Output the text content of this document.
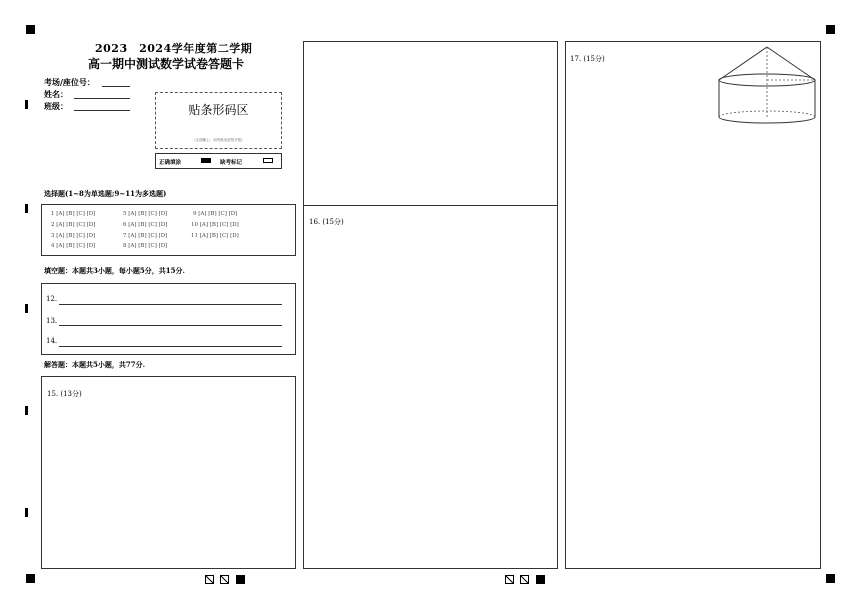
2023　2024学年度第二学期
高一期中测试数学试卷答题卡
考场/座位号：
姓名：
班级：	贴条形码区
（正面朝上，切勿贴出虚线方框）
正确填涂	缺考标记
选择题(1~8为单选题;9~11为多选题)
1 [A] [B] [C] [D]	5 [A] [B] [C] [D]	9 [A] [B] [C] [D]
2 [A] [B] [C] [D]	6 [A] [B] [C] [D]	10 [A] [B] [C] [D]
3 [A] [B] [C] [D]	7 [A] [B] [C] [D]	11 [A] [B] [C] [D]
4 [A] [B] [C] [D]	8 [A] [B] [C] [D]
填空题：本题共3小题，每小题5分，共15分.
12.
13.
14.
解答题：本题共5小题，共77分.
15. (13分)
16. (15分)
17. (15分)
